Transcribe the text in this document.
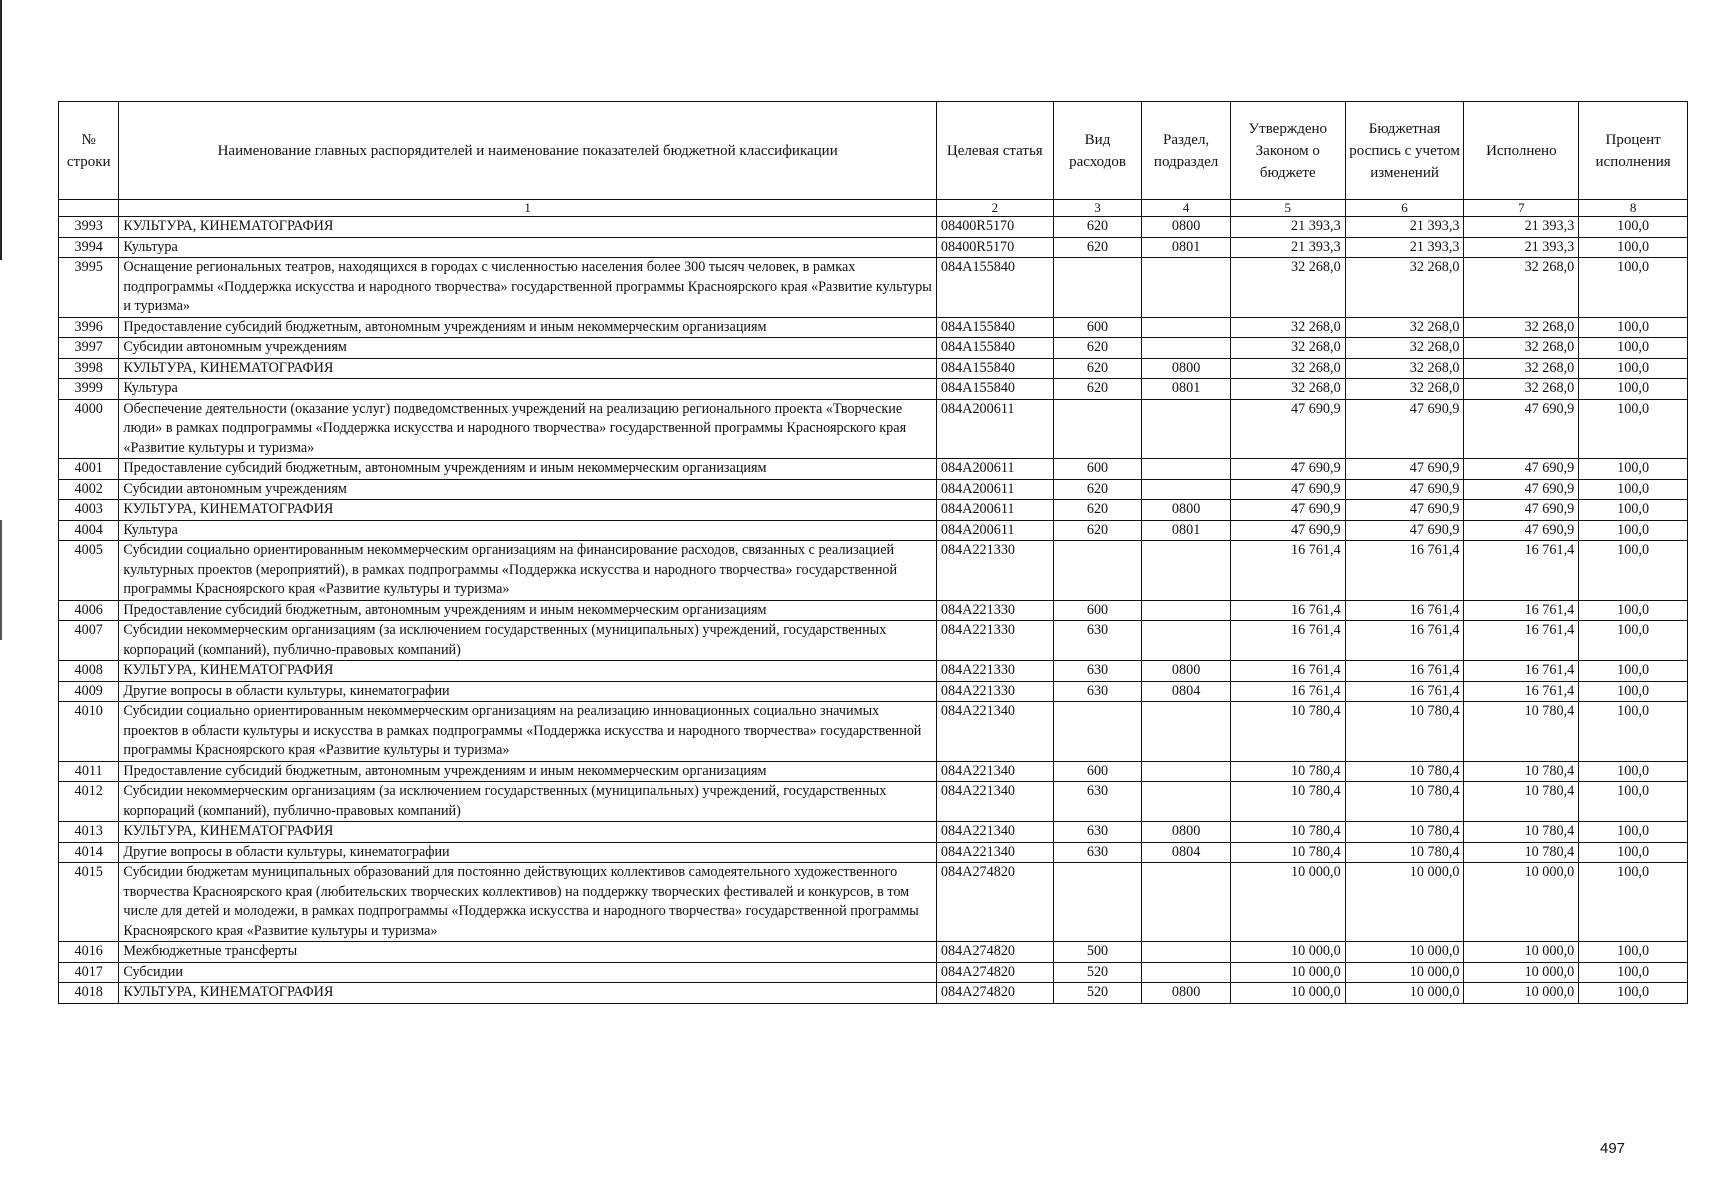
№ строки	Наименование главных распорядителей и наименование показателей бюджетной классификации	Целевая статья	Вид расходов	Раздел, подраздел	Утверждено Законом о бюджете	Бюджетная роспись с учетом изменений	Исполнено	Процент исполнения
	1	2	3	4	5	6	7	8
3993	КУЛЬТУРА, КИНЕМАТОГРАФИЯ	08400R5170	620	0800	21 393,3	21 393,3	21 393,3	100,0
3994	Культура	08400R5170	620	0801	21 393,3	21 393,3	21 393,3	100,0
3995	Оснащение региональных театров, находящихся в городах с численностью населения более 300 тысяч человек, в рамках подпрограммы «Поддержка искусства и народного творчества» государственной программы Красноярского края «Развитие культуры и туризма»	084A155840			32 268,0	32 268,0	32 268,0	100,0
3996	Предоставление субсидий бюджетным, автономным учреждениям и иным некоммерческим организациям	084A155840	600		32 268,0	32 268,0	32 268,0	100,0
3997	Субсидии автономным учреждениям	084A155840	620		32 268,0	32 268,0	32 268,0	100,0
3998	КУЛЬТУРА, КИНЕМАТОГРАФИЯ	084A155840	620	0800	32 268,0	32 268,0	32 268,0	100,0
3999	Культура	084A155840	620	0801	32 268,0	32 268,0	32 268,0	100,0
4000	Обеспечение деятельности (оказание услуг) подведомственных учреждений на реализацию регионального проекта «Творческие люди» в рамках подпрограммы «Поддержка искусства и народного творчества» государственной программы Красноярского края «Развитие культуры и туризма»	084A200611			47 690,9	47 690,9	47 690,9	100,0
4001	Предоставление субсидий бюджетным, автономным учреждениям и иным некоммерческим организациям	084A200611	600		47 690,9	47 690,9	47 690,9	100,0
4002	Субсидии автономным учреждениям	084A200611	620		47 690,9	47 690,9	47 690,9	100,0
4003	КУЛЬТУРА, КИНЕМАТОГРАФИЯ	084A200611	620	0800	47 690,9	47 690,9	47 690,9	100,0
4004	Культура	084A200611	620	0801	47 690,9	47 690,9	47 690,9	100,0
4005	Субсидии социально ориентированным некоммерческим организациям на финансирование расходов, связанных с реализацией культурных проектов (мероприятий), в рамках подпрограммы «Поддержка искусства и народного творчества» государственной программы Красноярского края «Развитие культуры и туризма»	084A221330			16 761,4	16 761,4	16 761,4	100,0
4006	Предоставление субсидий бюджетным, автономным учреждениям и иным некоммерческим организациям	084A221330	600		16 761,4	16 761,4	16 761,4	100,0
4007	Субсидии некоммерческим организациям (за исключением государственных (муниципальных) учреждений, государственных корпораций (компаний), публично-правовых компаний)	084A221330	630		16 761,4	16 761,4	16 761,4	100,0
4008	КУЛЬТУРА, КИНЕМАТОГРАФИЯ	084A221330	630	0800	16 761,4	16 761,4	16 761,4	100,0
4009	Другие вопросы в области культуры, кинематографии	084A221330	630	0804	16 761,4	16 761,4	16 761,4	100,0
4010	Субсидии социально ориентированным некоммерческим организациям на реализацию инновационных социально значимых проектов в области культуры и искусства в рамках подпрограммы «Поддержка искусства и народного творчества» государственной программы Красноярского края «Развитие культуры и туризма»	084A221340			10 780,4	10 780,4	10 780,4	100,0
4011	Предоставление субсидий бюджетным, автономным учреждениям и иным некоммерческим организациям	084A221340	600		10 780,4	10 780,4	10 780,4	100,0
4012	Субсидии некоммерческим организациям (за исключением государственных (муниципальных) учреждений, государственных корпораций (компаний), публично-правовых компаний)	084A221340	630		10 780,4	10 780,4	10 780,4	100,0
4013	КУЛЬТУРА, КИНЕМАТОГРАФИЯ	084A221340	630	0800	10 780,4	10 780,4	10 780,4	100,0
4014	Другие вопросы в области культуры, кинематографии	084A221340	630	0804	10 780,4	10 780,4	10 780,4	100,0
4015	Субсидии бюджетам муниципальных образований для постоянно действующих коллективов самодеятельного художественного творчества Красноярского края (любительских творческих коллективов) на поддержку творческих фестивалей и конкурсов, в том числе для детей и молодежи, в рамках подпрограммы «Поддержка искусства и народного творчества» государственной программы Красноярского края «Развитие культуры и туризма»	084A274820			10 000,0	10 000,0	10 000,0	100,0
4016	Межбюджетные трансферты	084A274820	500		10 000,0	10 000,0	10 000,0	100,0
4017	Субсидии	084A274820	520		10 000,0	10 000,0	10 000,0	100,0
4018	КУЛЬТУРА, КИНЕМАТОГРАФИЯ	084A274820	520	0800	10 000,0	10 000,0	10 000,0	100,0
497
